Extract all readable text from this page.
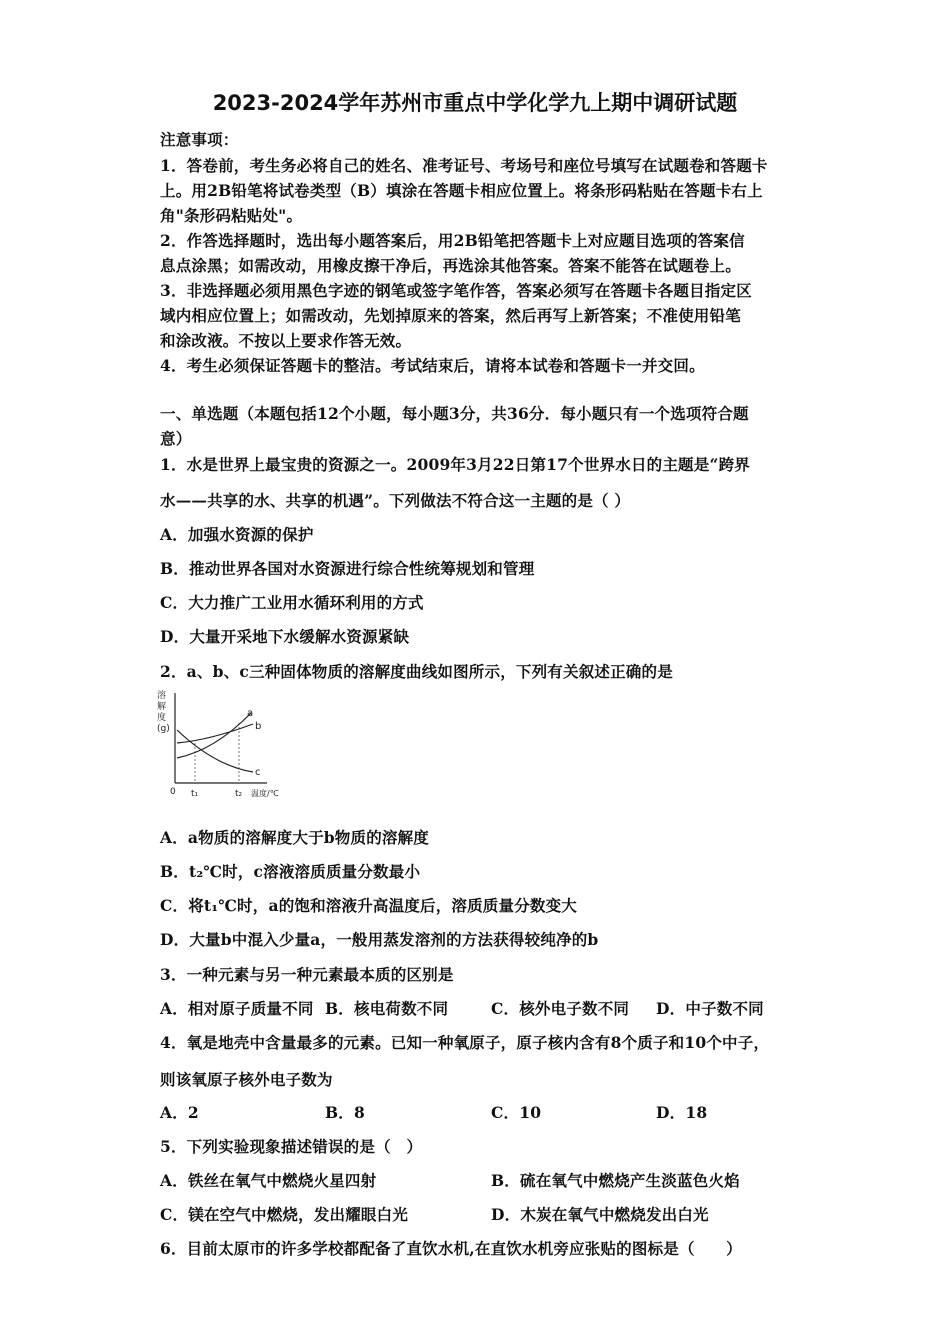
2023-2024学年苏州市重点中学化学九上期中调研试题
注意事项：
1．答卷前，考生务必将自己的姓名、准考证号、考场号和座位号填写在试题卷和答题卡
上。用2B铅笔将试卷类型（B）填涂在答题卡相应位置上。将条形码粘贴在答题卡右上
角"条形码粘贴处"。
2．作答选择题时，选出每小题答案后，用2B铅笔把答题卡上对应题目选项的答案信
息点涂黑；如需改动，用橡皮擦干净后，再选涂其他答案。答案不能答在试题卷上。
3．非选择题必须用黑色字迹的钢笔或签字笔作答，答案必须写在答题卡各题目指定区
域内相应位置上；如需改动，先划掉原来的答案，然后再写上新答案；不准使用铅笔
和涂改液。不按以上要求作答无效。
4．考生必须保证答题卡的整洁。考试结束后，请将本试卷和答题卡一并交回。
一、单选题（本题包括12个小题，每小题3分，共36分．每小题只有一个选项符合题
意）
1．水是世界上最宝贵的资源之一。2009年3月22日第17个世界水日的主题是“跨界
水——共享的水、共享的机遇”。下列做法不符合这一主题的是（ ）
A．加强水资源的保护
B．推动世界各国对水资源进行综合性统筹规划和管理
C．大力推广工业用水循环利用的方式
D．大量开采地下水缓解水资源紧缺
2．a、b、c三种固体物质的溶解度曲线如图所示，下列有关叙述正确的是
溶
解
度
(g)
a
b
c
0 t₁	t₂ 温度/℃
A．a物质的溶解度大于b物质的溶解度
B．t₂℃时，c溶液溶质质量分数最小
C．将t₁℃时，a的饱和溶液升高温度后，溶质质量分数变大
D．大量b中混入少量a，一般用蒸发溶剂的方法获得较纯净的b
3．一种元素与另一种元素最本质的区别是
A．相对原子质量不同 B．核电荷数不同	C．核外电子数不同 D．中子数不同
4．氧是地壳中含量最多的元素。已知一种氧原子，原子核内含有8个质子和10个中子，
则该氧原子核外电子数为
A．2	B．8	C．10	D．18
5．下列实验现象描述错误的是（　）
A．铁丝在氧气中燃烧火星四射	B．硫在氧气中燃烧产生淡蓝色火焰
C．镁在空气中燃烧，发出耀眼白光	D．木炭在氧气中燃烧发出白光
6．目前太原市的许多学校都配备了直饮水机,在直饮水机旁应张贴的图标是（　　）
